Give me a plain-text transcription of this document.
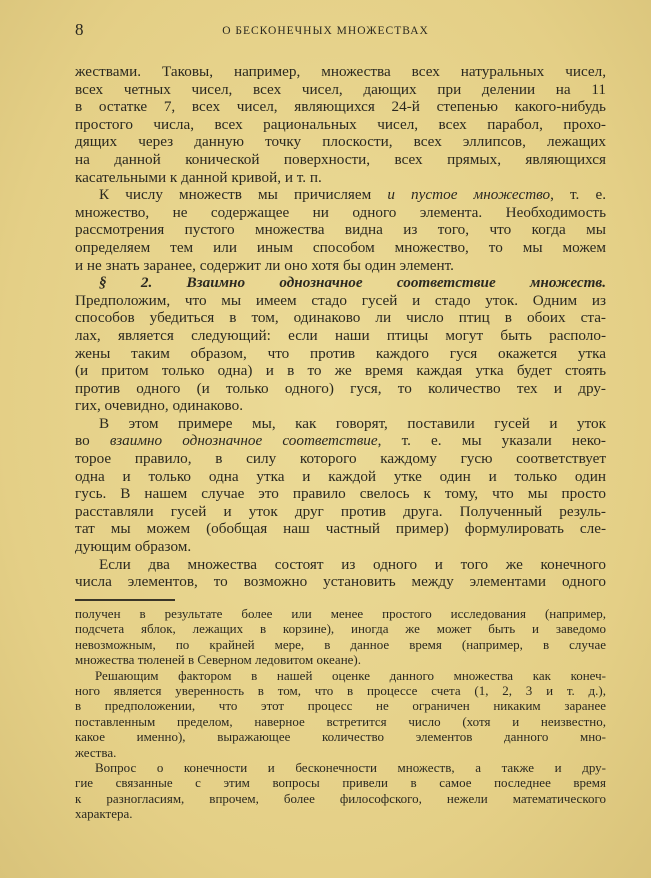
8	О БЕСКОНЕЧНЫХ МНОЖЕСТВАХ
жествами. Таковы, например, множества всех натуральных чисел,
всех четных чисел, всех чисел, дающих при делении на 11
в остатке 7, всех чисел, являющихся 24-й степенью какого-нибудь
простого числа, всех рациональных чисел, всех парабол, прохо-
дящих через данную точку плоскости, всех эллипсов, лежащих
на данной конической поверхности, всех прямых, являющихся
касательными к данной кривой, и т. п.
К числу множеств мы причисляем и пустое множество, т. е.
множество, не содержащее ни одного элемента. Необходимость
рассмотрения пустого множества видна из того, что когда мы
определяем тем или иным способом множество, то мы можем
и не знать заранее, содержит ли оно хотя бы один элемент.
§ 2. Взаимно однозначное соответствие множеств.
Предположим, что мы имеем стадо гусей и стадо уток. Одним из
способов убедиться в том, одинаково ли число птиц в обоих ста-
лах, является следующий: если наши птицы могут быть располо-
жены таким образом, что против каждого гуся окажется утка
(и притом только одна) и в то же время каждая утка будет стоять
против одного (и только одного) гуся, то количество тех и дру-
гих, очевидно, одинаково.
В этом примере мы, как говорят, поставили гусей и уток
во взаимно однозначное соответствие, т. е. мы указали неко-
торое правило, в силу которого каждому гусю соответствует
одна и только одна утка и каждой утке один и только один
гусь. В нашем случае это правило свелось к тому, что мы просто
расставляли гусей и уток друг против друга. Полученный резуль-
тат мы можем (обобщая наш частный пример) формулировать сле-
дующим образом.
Если два множества состоят из одного и того же конечного
числа элементов, то возможно установить между элементами одного
получен в результате более или менее простого исследования (например,
подсчета яблок, лежащих в корзине), иногда же может быть и заведомо
невозможным, по крайней мере, в данное время (например, в случае
множества тюленей в Северном ледовитом океане).
Решающим фактором в нашей оценке данного множества как конеч-
ного является уверенность в том, что в процессе счета (1, 2, 3 и т. д.),
в предположении, что этот процесс не ограничен никаким заранее
поставленным пределом, наверное встретится число (хотя и неизвестно,
какое именно), выражающее количество элементов данного мно-
жества.
Вопрос о конечности и бесконечности множеств, а также и дру-
гие связанные с этим вопросы привели в самое последнее время
к разногласиям, впрочем, более философского, нежели математического
характера.
